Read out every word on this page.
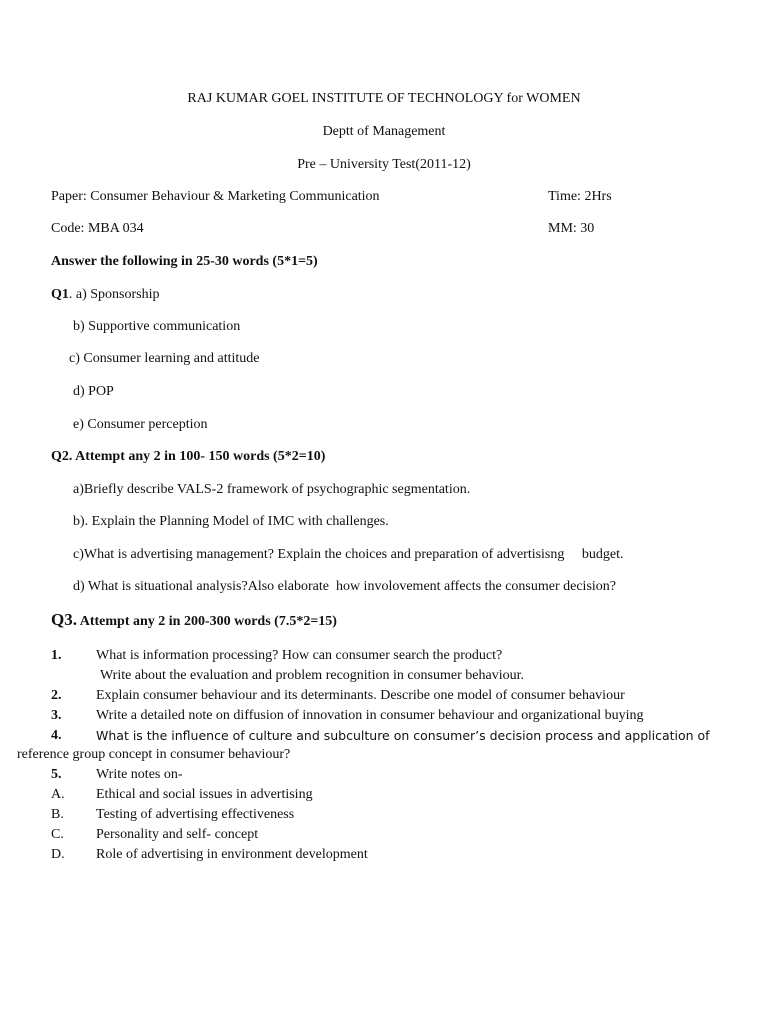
RAJ KUMAR GOEL INSTITUTE OF TECHNOLOGY for WOMEN
Deptt of Management
Pre – University Test(2011-12)
Paper: Consumer Behaviour & Marketing Communication	Time: 2Hrs
Code: MBA 034	MM: 30
Answer the following in 25-30 words (5*1=5)
Q1. a) Sponsorship
b) Supportive communication
c) Consumer learning and attitude
d) POP
e) Consumer perception
Q2. Attempt any 2 in 100- 150 words (5*2=10)
a)Briefly describe VALS-2 framework of psychographic segmentation.
b). Explain the Planning Model of IMC with challenges.
c)What is advertising management? Explain the choices and preparation of advertisisng     budget.
d) What is situational analysis?Also elaborate  how involovement affects the consumer decision?
Q3. Attempt any 2 in 200-300 words (7.5*2=15)
1. What is information processing? How can consumer search the product?
Write about the evaluation and problem recognition in consumer behaviour.
2. Explain consumer behaviour and its determinants. Describe one model of consumer behaviour
3. Write a detailed note on diffusion of innovation in consumer behaviour and organizational buying
4.	What is the influence of culture and subculture on consumer’s decision process and application of
reference group concept in consumer behaviour?
5. Write notes on-
A. Ethical and social issues in advertising
B. Testing of advertising effectiveness
C. Personality and self- concept
D. Role of advertising in environment development
